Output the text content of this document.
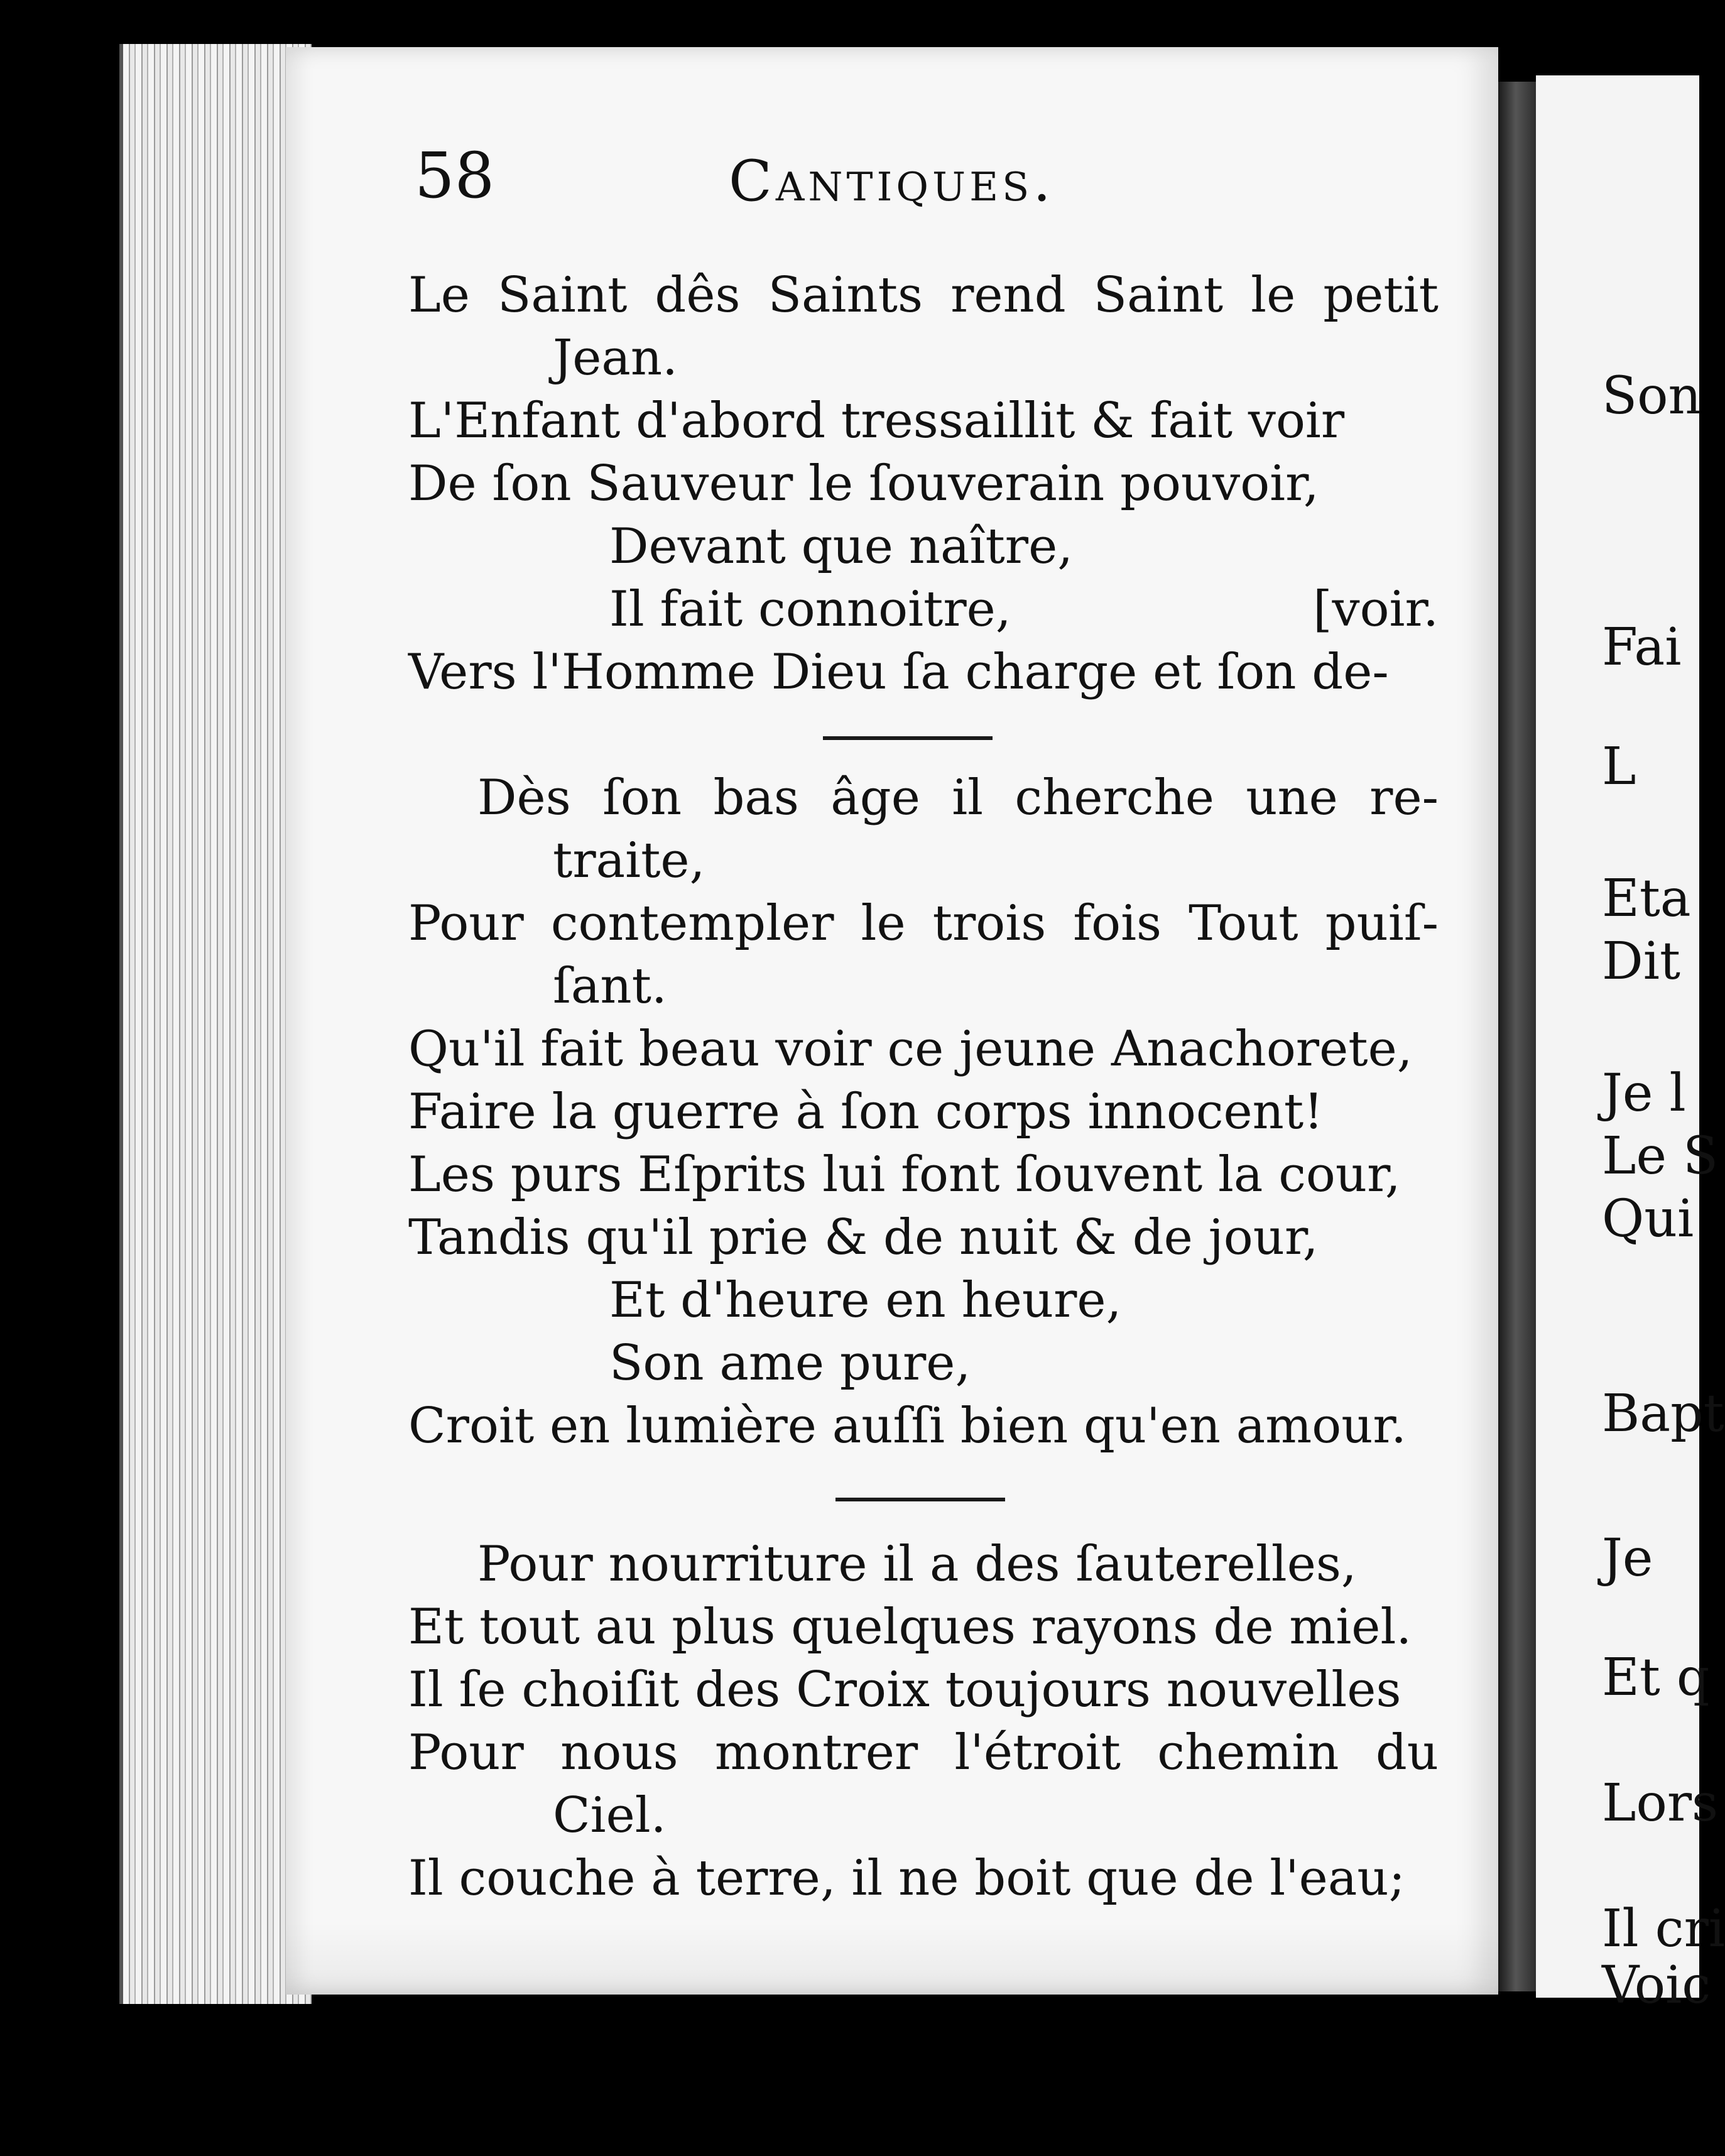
Son
Fai
L
Eta
Dit
Je l
Le S
Qui
Bapt
Je
Et q
Lors
Il cri
Voic
58	Cantiques.
Le Saint dês Saints rend Saint le petit
Jean.
L'Enfant d'abord tressaillit & fait voir
De ſon Sauveur le ſouverain pouvoir,
Devant que naître,
Il fait connoitre,	[voir.
Vers l'Homme Dieu ſa charge et ſon de-
Dès ſon bas âge il cherche une re-
traite,
Pour contempler le trois fois Tout puiſ-
ſant.
Qu'il fait beau voir ce jeune Anachorete,
Faire la guerre à ſon corps innocent!
Les purs Eſprits lui font ſouvent la cour,
Tandis qu'il prie & de nuit & de jour,
Et d'heure en heure,
Son ame pure,
Croit en lumière auſſi bien qu'en amour.
Pour nourriture il a des ſauterelles,
Et tout au plus quelques rayons de miel.
Il ſe choiſit des Croix toujours nouvelles
Pour nous montrer l'étroit chemin du
Ciel.
Il couche à terre, il ne boit que de l'eau;
